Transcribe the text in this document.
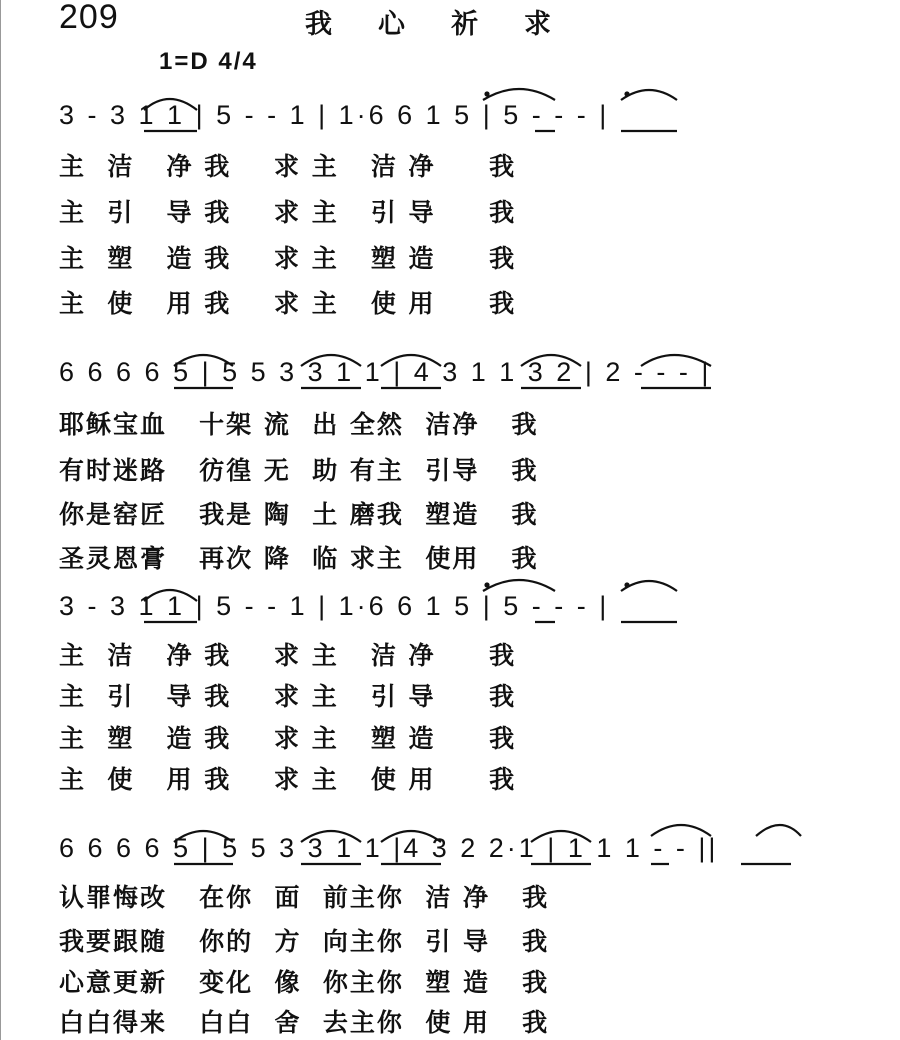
209	我心祈求
1=D 4/4
3 - 3 1 1 | 5 - - 1 | 1·6 6 1 5 | 5 - - - |
主  洁   净 我    求 主   洁 净     我
主  引   导 我    求 主   引 导     我
主  塑   造 我    求 主   塑 造     我
主  使   用 我    求 主   使 用     我
6 6 6 6 5 | 5 5 3 3 1 1 | 4 3 1 1 3 2 | 2 - - - |
耶稣宝血   十架 流  出 全然  洁净   我
有时迷路   彷徨 无  助 有主  引导   我
你是窑匠   我是 陶  土 磨我  塑造   我
圣灵恩膏   再次 降  临 求主  使用   我
3 - 3 1 1 | 5 - - 1 | 1·6 6 1 5 | 5 - - - |
主  洁   净 我    求 主   洁 净     我
主  引   导 我    求 主   引 导     我
主  塑   造 我    求 主   塑 造     我
主  使   用 我    求 主   使 用     我
6 6 6 6 5 | 5 5 3 3 1 1 |4 3 2 2·1 | 1 1 1 - - ||
认罪悔改   在你  面  前主你  洁 净   我
我要跟随   你的  方  向主你  引 导   我
心意更新   变化  像  你主你  塑 造   我
白白得来   白白  舍  去主你  使 用   我
